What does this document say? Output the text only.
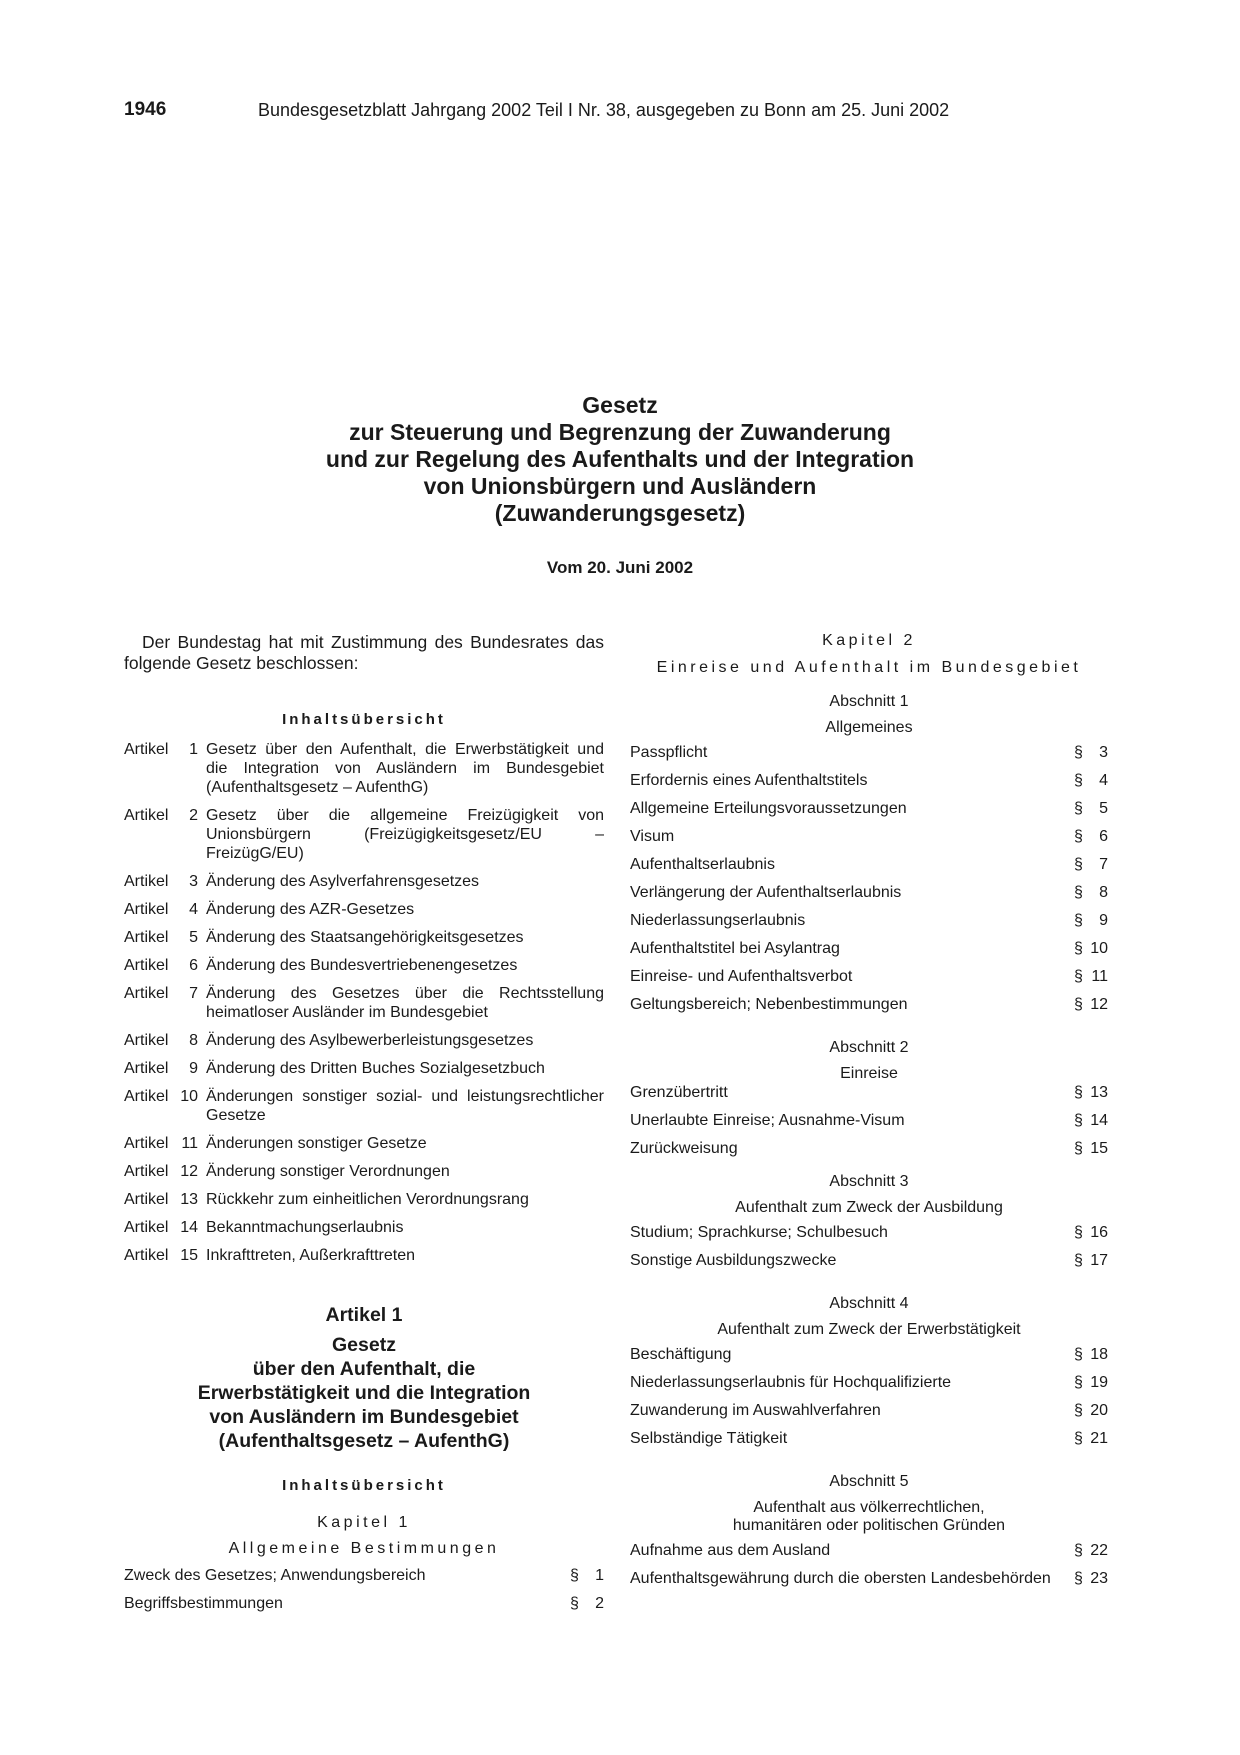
1946	Bundesgesetzblatt Jahrgang 2002 Teil I Nr. 38, ausgegeben zu Bonn am 25. Juni 2002
Gesetz
zur Steuerung und Begrenzung der Zuwanderung
und zur Regelung des Aufenthalts und der Integration
von Unionsbürgern und Ausländern
(Zuwanderungsgesetz)
Vom 20. Juni 2002

Der Bundestag hat mit Zustimmung des Bundesrates das folgende Gesetz beschlossen:

Inhaltsübersicht
Artikel 1 Gesetz über den Aufenthalt, die Erwerbstätigkeit und die Integration von Ausländern im Bundesgebiet (Aufenthaltsgesetz – AufenthG)
Artikel 2 Gesetz über die allgemeine Freizügigkeit von Unionsbürgern (Freizügigkeitsgesetz/EU – FreizügG/EU)
Artikel 3 Änderung des Asylverfahrensgesetzes
Artikel 4 Änderung des AZR-Gesetzes
Artikel 5 Änderung des Staatsangehörigkeitsgesetzes
Artikel 6 Änderung des Bundesvertriebenengesetzes
Artikel 7 Änderung des Gesetzes über die Rechtsstellung heimatloser Ausländer im Bundesgebiet
Artikel 8 Änderung des Asylbewerberleistungsgesetzes
Artikel 9 Änderung des Dritten Buches Sozialgesetzbuch
Artikel 10 Änderungen sonstiger sozial- und leistungsrechtlicher Gesetze
Artikel 11 Änderungen sonstiger Gesetze
Artikel 12 Änderung sonstiger Verordnungen
Artikel 13 Rückkehr zum einheitlichen Verordnungsrang
Artikel 14 Bekanntmachungserlaubnis
Artikel 15 Inkrafttreten, Außerkrafttreten
Artikel 1
Gesetz
über den Aufenthalt, die
Erwerbstätigkeit und die Integration
von Ausländern im Bundesgebiet
(Aufenthaltsgesetz – AufenthG)
Inhaltsübersicht
Kapitel 1
Allgemeine Bestimmungen
Zweck des Gesetzes; Anwendungsbereich	§ 1
Begriffsbestimmungen	§ 2
Kapitel 2
Einreise und Aufenthalt im Bundesgebiet
Abschnitt 1
Allgemeines
Passpflicht	§ 3
Erfordernis eines Aufenthaltstitels	§ 4
Allgemeine Erteilungsvoraussetzungen	§ 5
Visum	§ 6
Aufenthaltserlaubnis	§ 7
Verlängerung der Aufenthaltserlaubnis	§ 8
Niederlassungserlaubnis	§ 9
Aufenthaltstitel bei Asylantrag	§ 10
Einreise- und Aufenthaltsverbot	§ 11
Geltungsbereich; Nebenbestimmungen	§ 12
Abschnitt 2
Einreise
Grenzübertritt	§ 13
Unerlaubte Einreise; Ausnahme-Visum	§ 14
Zurückweisung	§ 15
Abschnitt 3
Aufenthalt zum Zweck der Ausbildung
Studium; Sprachkurse; Schulbesuch	§ 16
Sonstige Ausbildungszwecke	§ 17
Abschnitt 4
Aufenthalt zum Zweck der Erwerbstätigkeit
Beschäftigung	§ 18
Niederlassungserlaubnis für Hochqualifizierte	§ 19
Zuwanderung im Auswahlverfahren	§ 20
Selbständige Tätigkeit	§ 21
Abschnitt 5
Aufenthalt aus völkerrechtlichen,
humanitären oder politischen Gründen
Aufnahme aus dem Ausland	§ 22
Aufenthaltsgewährung durch die obersten Landesbehörden § 23
